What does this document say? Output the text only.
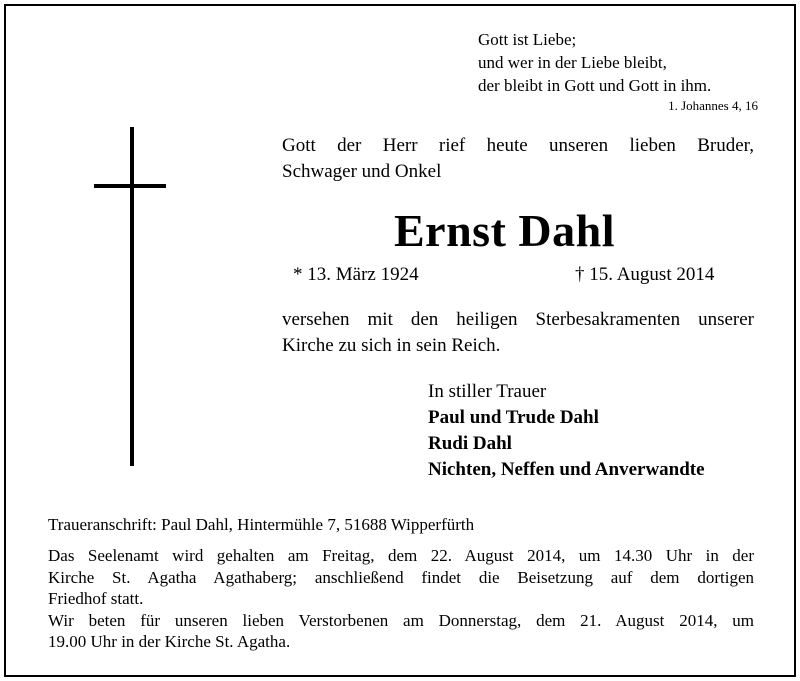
Gott ist Liebe;
und wer in der Liebe bleibt,
der bleibt in Gott und Gott in ihm.
1. Johannes 4, 16
Gott der Herr rief heute unseren lieben Bruder,
Schwager und Onkel
Ernst Dahl
* 13. März 1924	† 15. August 2014
versehen mit den heiligen Sterbesakramenten unserer
Kirche zu sich in sein Reich.
In stiller Trauer
Paul und Trude Dahl
Rudi Dahl
Nichten, Neffen und Anverwandte
Traueranschrift: Paul Dahl, Hintermühle 7, 51688 Wipperfürth
Das Seelenamt wird gehalten am Freitag, dem 22. August 2014, um 14.30 Uhr in der
Kirche St. Agatha Agathaberg; anschließend findet die Beisetzung auf dem dortigen
Friedhof statt.
Wir beten für unseren lieben Verstorbenen am Donnerstag, dem 21. August 2014, um
19.00 Uhr in der Kirche St. Agatha.
